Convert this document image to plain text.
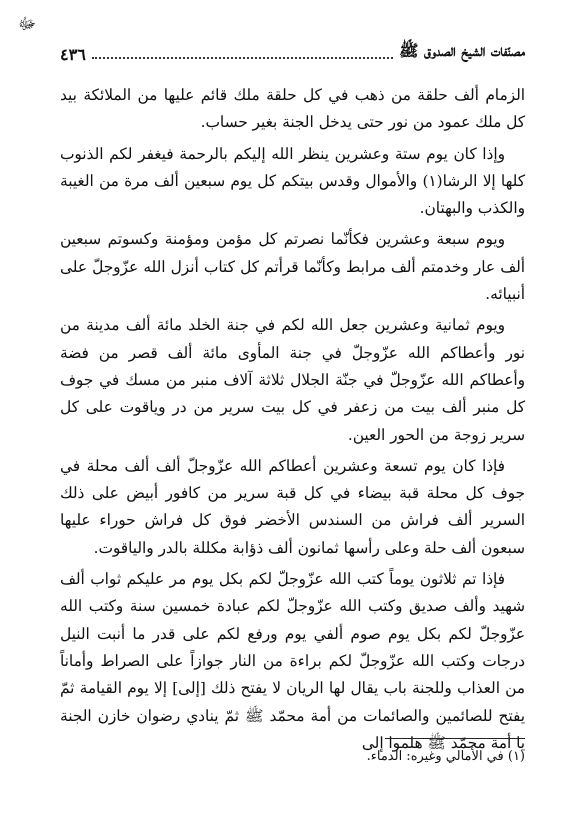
ﷻ
مصنّفات الشيخ الصدوق ﷺ
٤٣٦

الزمام ألف حلقة من ذهب في كل حلقة ملك قائم عليها من الملائكة بيد كل ملك عمود من نور حتى يدخل الجنة بغير حساب.

وإذا كان يوم ستة وعشرين ينظر الله إليكم بالرحمة فيغفر لكم الذنوب كلها إلا الرشا(١) والأموال وقدس بيتكم كل يوم سبعين ألف مرة من الغيبة والكذب والبهتان.

ويوم سبعة وعشرين فكأنّما نصرتم كل مؤمن ومؤمنة وكسوتم سبعين ألف عار وخدمتم ألف مرابط وكأنّما قرأتم كل كتاب أنزل الله عزّوجلّ على أنبيائه.

ويوم ثمانية وعشرين جعل الله لكم في جنة الخلد مائة ألف مدينة من نور وأعطاكم الله عزّوجلّ في جنة المأوى مائة ألف قصر من فضة وأعطاكم الله عزّوجلّ في جنّة الجلال ثلاثة آلاف منبر من مسك في جوف كل منبر ألف بيت من زعفر في كل بيت سرير من در وياقوت على كل سرير زوجة من الحور العين.

فإذا كان يوم تسعة وعشرين أعطاكم الله عزّوجلّ ألف ألف محلة في جوف كل محلة قبة بيضاء في كل قبة سرير من كافور أبيض على ذلك السرير ألف فراش من السندس الأخضر فوق كل فراش حوراء عليها سبعون ألف حلة وعلى رأسها ثمانون ألف ذؤابة مكللة بالدر والياقوت.

فإذا تم ثلاثون يوماً كتب الله عزّوجلّ لكم بكل يوم مر عليكم ثواب ألف شهيد وألف صديق وكتب الله عزّوجلّ لكم عبادة خمسين سنة وكتب الله عزّوجلّ لكم بكل يوم صوم ألفي يوم ورفع لكم على قدر ما أنبت النيل درجات وكتب الله عزّوجلّ لكم براءة من النار جوازاً على الصراط وأماناً من العذاب وللجنة باب يقال لها الريان لا يفتح ذلك [إلى] إلا يوم القيامة ثمّ يفتح للصائمين والصائمات من أمة محمّد ﷺ ثمّ ينادي رضوان خازن الجنة يا أمة محمّد ﷺ هلموا إلى

(١) في الأمالي وغيره: الدماء.
